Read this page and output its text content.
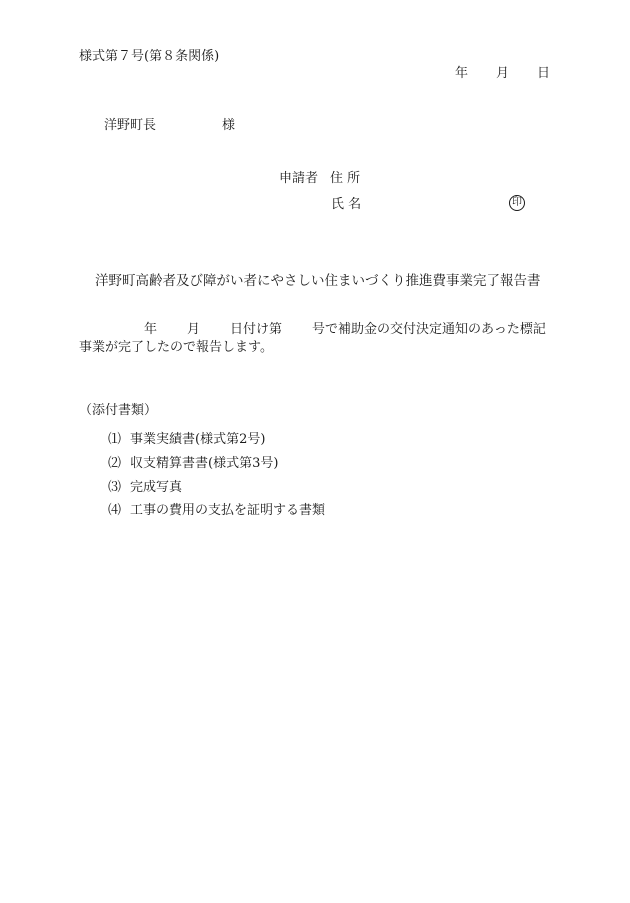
様式第７号(第８条関係)
年 月 日
洋野町長	様
申請者 住 所
氏 名	印
洋野町高齢者及び障がい者にやさしい住まいづくり推進費事業完了報告書
年 月 日付け第 号で補助金の交付決定通知のあった標記
事業が完了したので報告します。
（添付書類）
⑴ 事業実績書(様式第2号)
⑵ 収支精算書書(様式第3号)
⑶ 完成写真
⑷ 工事の費用の支払を証明する書類
